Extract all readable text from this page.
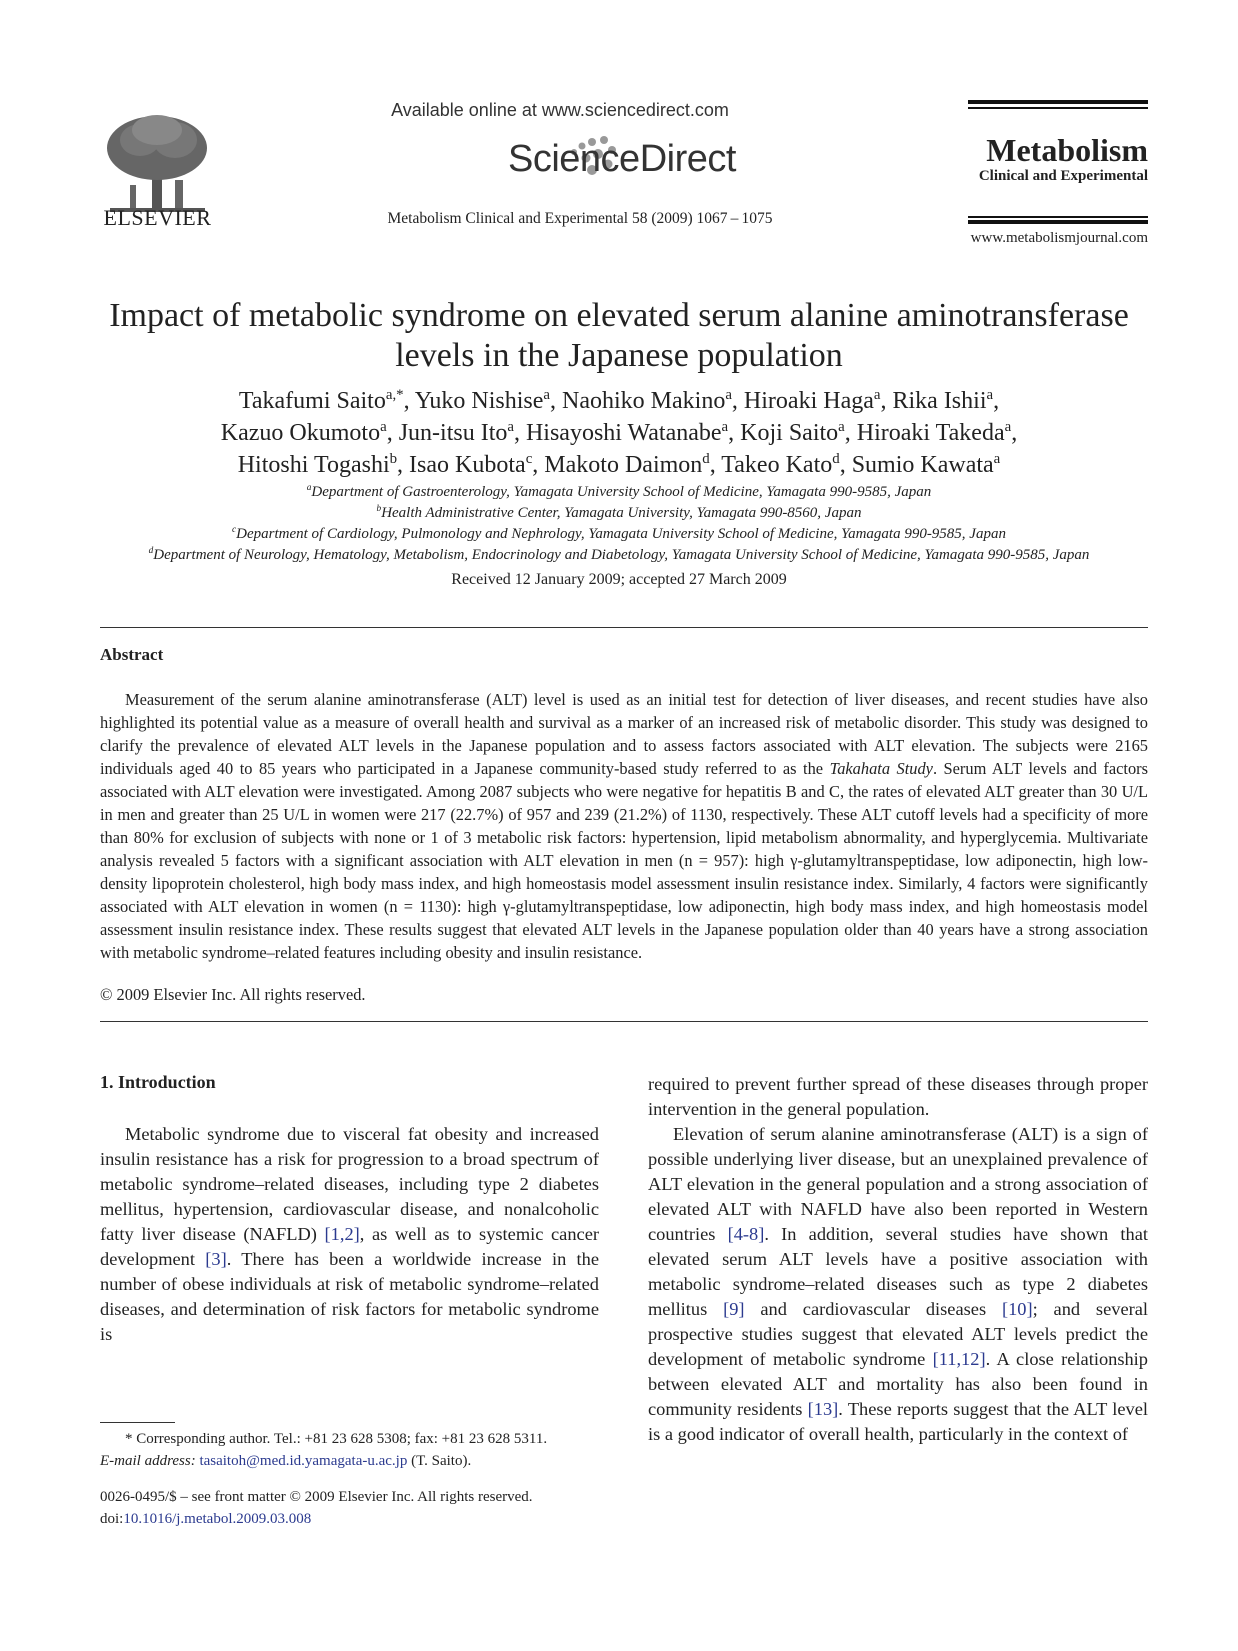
ELSEVIER
Available online at www.sciencedirect.com
ScienceDirect
Metabolism Clinical and Experimental 58 (2009) 1067 – 1075
Metabolism
Clinical and Experimental
www.metabolismjournal.com
Impact of metabolic syndrome on elevated serum alanine aminotransferase
levels in the Japanese population
Takafumi Saito$^{a,*}$, Yuko Nishise$^a$, Naohiko Makino$^a$, Hiroaki Haga$^a$, Rika Ishii$^a$,
Kazuo Okumoto$^a$, Jun-itsu Ito$^a$, Hisayoshi Watanabe$^a$, Koji Saito$^a$, Hiroaki Takeda$^a$,
Hitoshi Togashi$^b$, Isao Kubota$^c$, Makoto Daimon$^d$, Takeo Kato$^d$, Sumio Kawata$^a$
$^a$Department of Gastroenterology, Yamagata University School of Medicine, Yamagata 990-9585, Japan
$^b$Health Administrative Center, Yamagata University, Yamagata 990-8560, Japan
$^c$Department of Cardiology, Pulmonology and Nephrology, Yamagata University School of Medicine, Yamagata 990-9585, Japan
$^d$Department of Neurology, Hematology, Metabolism, Endocrinology and Diabetology, Yamagata University School of Medicine, Yamagata 990-9585, Japan
Received 12 January 2009; accepted 27 March 2009
Abstract
Measurement of the serum alanine aminotransferase (ALT) level is used as an initial test for detection of liver diseases, and recent studies have also highlighted its potential value as a measure of overall health and survival as a marker of an increased risk of metabolic disorder. This study was designed to clarify the prevalence of elevated ALT levels in the Japanese population and to assess factors associated with ALT elevation. The subjects were 2165 individuals aged 40 to 85 years who participated in a Japanese community-based study referred to as the Takahata Study. Serum ALT levels and factors associated with ALT elevation were investigated. Among 2087 subjects who were negative for hepatitis B and C, the rates of elevated ALT greater than 30 U/L in men and greater than 25 U/L in women were 217 (22.7%) of 957 and 239 (21.2%) of 1130, respectively. These ALT cutoff levels had a specificity of more than 80% for exclusion of subjects with none or 1 of 3 metabolic risk factors: hypertension, lipid metabolism abnormality, and hyperglycemia. Multivariate analysis revealed 5 factors with a significant association with ALT elevation in men (n = 957): high γ-glutamyltranspeptidase, low adiponectin, high low-density lipoprotein cholesterol, high body mass index, and high homeostasis model assessment insulin resistance index. Similarly, 4 factors were significantly associated with ALT elevation in women (n = 1130): high γ-glutamyltranspeptidase, low adiponectin, high body mass index, and high homeostasis model assessment insulin resistance index. These results suggest that elevated ALT levels in the Japanese population older than 40 years have a strong association with metabolic syndrome–related features including obesity and insulin resistance.
© 2009 Elsevier Inc. All rights reserved.
1. Introduction
Metabolic syndrome due to visceral fat obesity and increased insulin resistance has a risk for progression to a broad spectrum of metabolic syndrome–related diseases, including type 2 diabetes mellitus, hypertension, cardiovascular disease, and nonalcoholic fatty liver disease (NAFLD) [1,2], as well as to systemic cancer development [3]. There has been a worldwide increase in the number of obese individuals at risk of metabolic syndrome–related diseases, and determination of risk factors for metabolic syndrome is

required to prevent further spread of these diseases through proper intervention in the general population.

Elevation of serum alanine aminotransferase (ALT) is a sign of possible underlying liver disease, but an unexplained prevalence of ALT elevation in the general population and a strong association of elevated ALT with NAFLD have also been reported in Western countries [4-8]. In addition, several studies have shown that elevated serum ALT levels have a positive association with metabolic syndrome–related diseases such as type 2 diabetes mellitus [9] and cardiovascular diseases [10]; and several prospective studies suggest that elevated ALT levels predict the development of metabolic syndrome [11,12]. A close relationship between elevated ALT and mortality has also been found in community residents [13]. These reports suggest that the ALT level is a good indicator of overall health, particularly in the context of

* Corresponding author. Tel.: +81 23 628 5308; fax: +81 23 628 5311.
E-mail address: tasaitoh@med.id.yamagata-u.ac.jp (T. Saito).
0026-0495/$ – see front matter © 2009 Elsevier Inc. All rights reserved.
doi:10.1016/j.metabol.2009.03.008
